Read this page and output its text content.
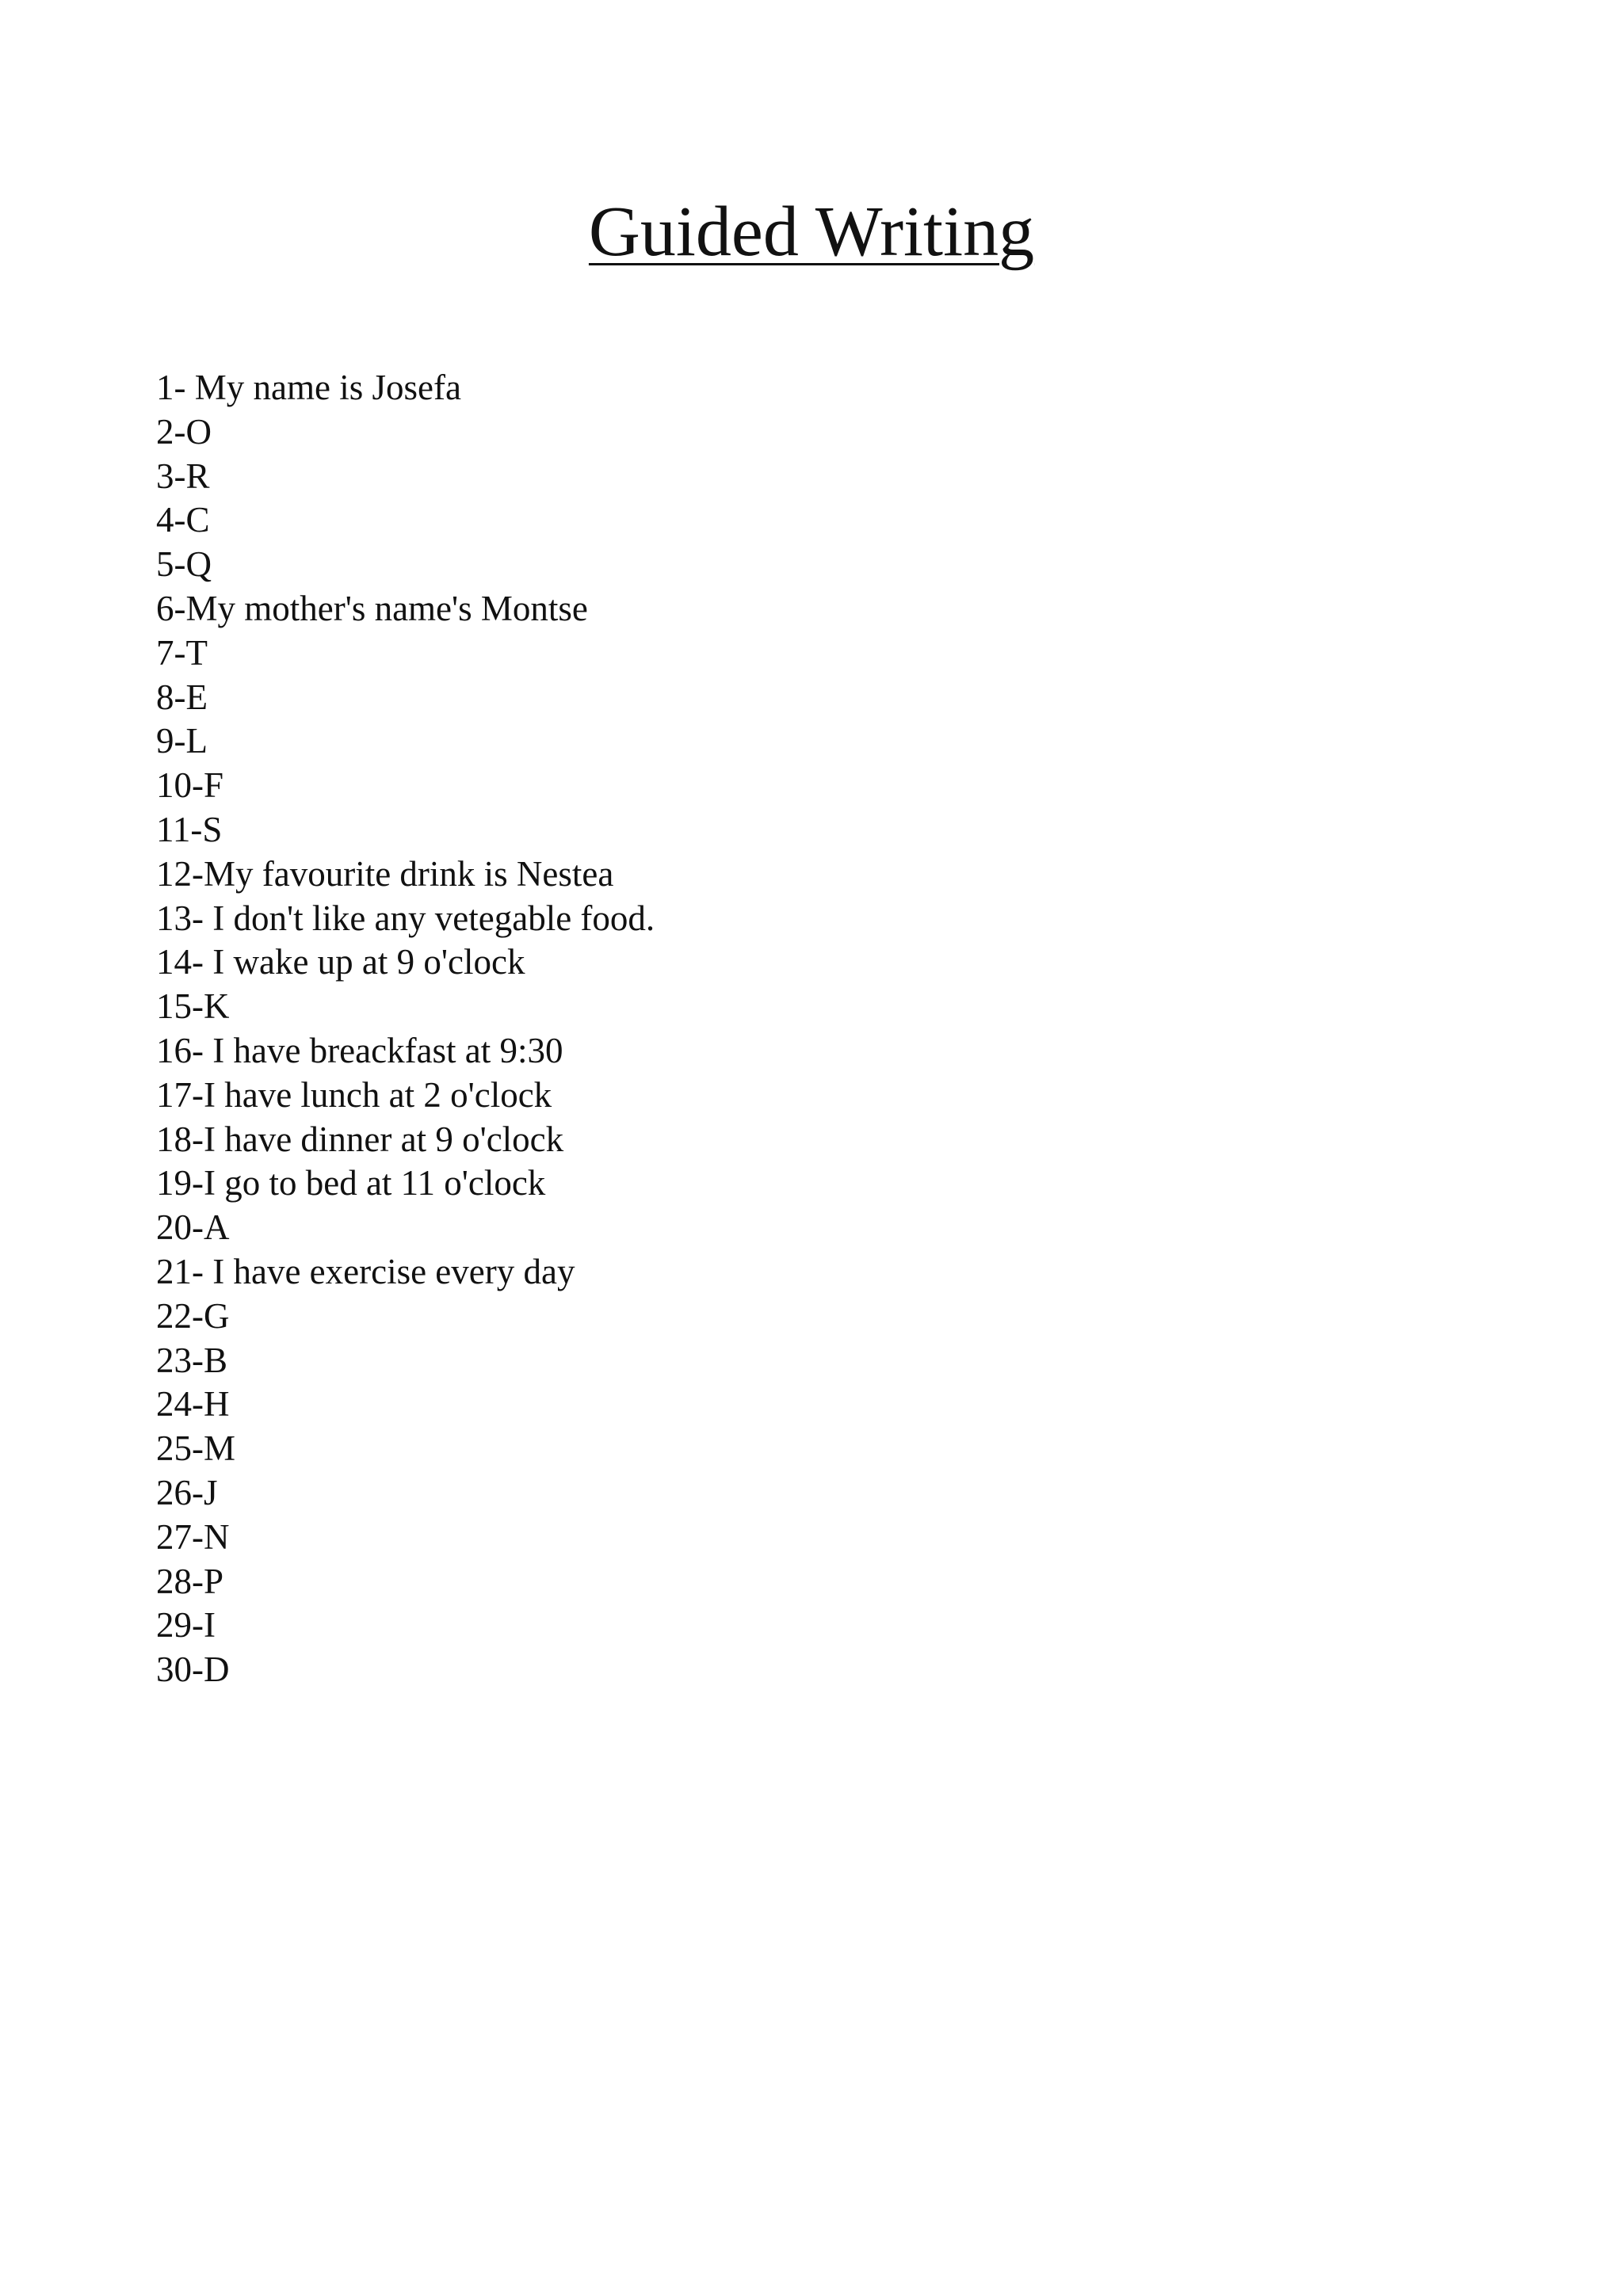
Guided Writing
1- My name is Josefa
2-O
3-R
4-C
5-Q
6-My mother's name's Montse
7-T
8-E
9-L
10-F
11-S
12-My favourite drink is Nestea
13- I don't like any vetegable food.
14- I wake up at 9 o'clock
15-K
16- I have breackfast at 9:30
17-I have lunch at 2 o'clock
18-I have dinner at 9 o'clock
19-I go to bed at 11 o'clock
20-A
21- I have exercise every day
22-G
23-B
24-H
25-M
26-J
27-N
28-P
29-I
30-D
